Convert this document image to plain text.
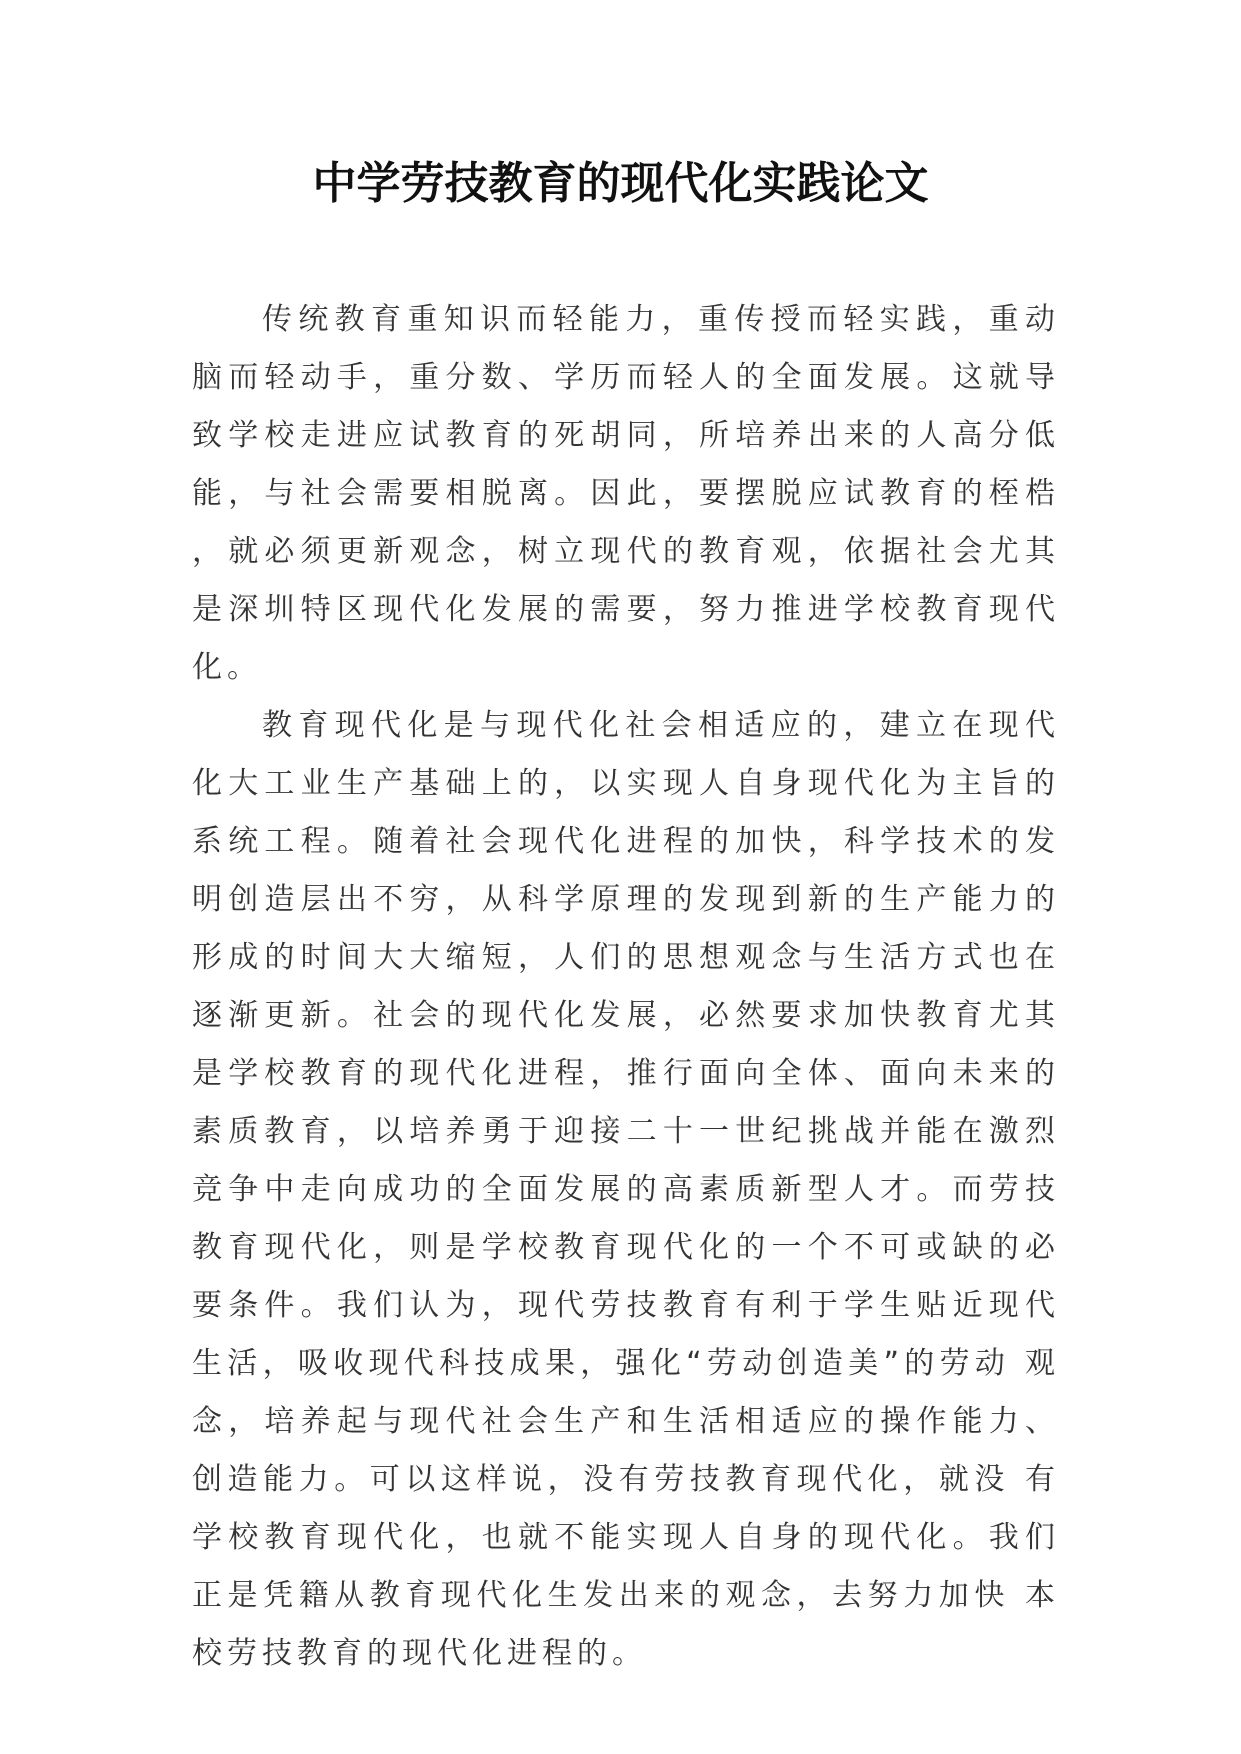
中学劳技教育的现代化实践论文

传统教育重知识而轻能力，重传授而轻实践，重动脑而轻动手，重分数、学历而轻人的全面发展。这就导 致学校走进应试教育的死胡同，所培养出来的人高分低能，与社会需要相脱离。因此，要摆脱应试教育的桎梏 ，就必须更新观念，树立现代的教育观，依据社会尤其是深圳特区现代化发展的需要，努力推进学校教育现代 化。

教育现代化是与现代化社会相适应的，建立在现代化大工业生产基础上的，以实现人自身现代化为主旨的 系统工程。随着社会现代化进程的加快，科学技术的发明创造层出不穷，从科学原理的发现到新的生产能力的 形成的时间大大缩短，人们的思想观念与生活方式也在逐渐更新。社会的现代化发展，必然要求加快教育尤其 是学校教育的现代化进程，推行面向全体、面向未来的素质教育，以培养勇于迎接二十一世纪挑战并能在激烈 竞争中走向成功的全面发展的高素质新型人才。而劳技教育现代化，则是学校教育现代化的一个不可或缺的必 要条件。我们认为，现代劳技教育有利于学生贴近现代生活，吸收现代科技成果，强化“劳动创造美”的劳动 观念，培养起与现代社会生产和生活相适应的操作能力、创造能力。可以这样说，没有劳技教育现代化，就没 有学校教育现代化，也就不能实现人自身的现代化。我们正是凭籍从教育现代化生发出来的观念，去努力加快 本校劳技教育的现代化进程的。
